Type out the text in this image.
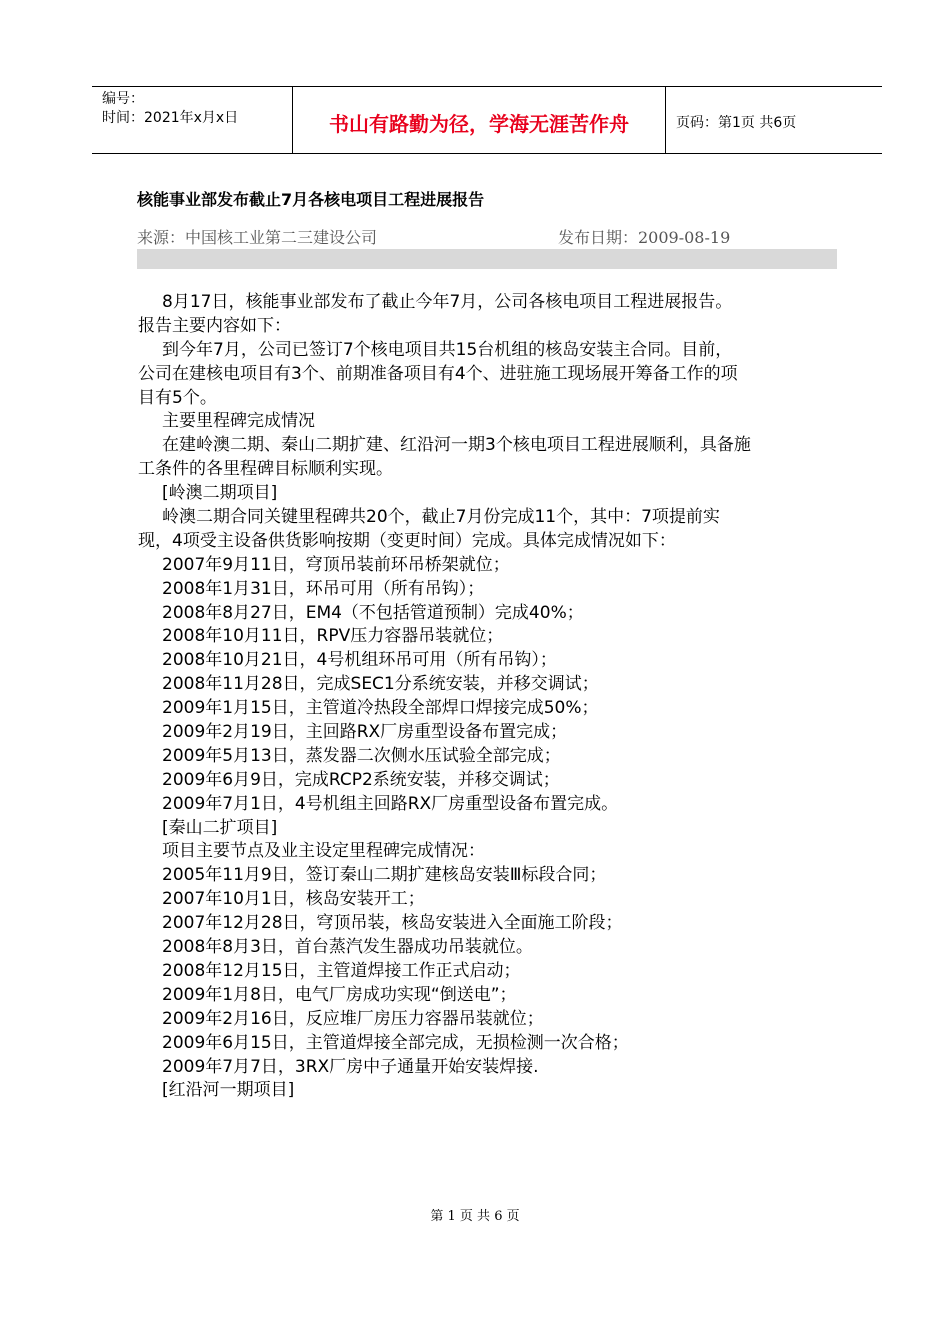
编号：
时间：2021年x月x日	书山有路勤为径，学海无涯苦作舟	页码：第1页 共6页
核能事业部发布截止7月各核电项目工程进展报告
来源：中国核工业第二三建设公司	发布日期：2009-08-19
8月17日，核能事业部发布了截止今年7月，公司各核电项目工程进展报告。
报告主要内容如下：
到今年7月，公司已签订7个核电项目共15台机组的核岛安装主合同。目前，
公司在建核电项目有3个、前期准备项目有4个、进驻施工现场展开筹备工作的项
目有5个。
主要里程碑完成情况
在建岭澳二期、秦山二期扩建、红沿河一期3个核电项目工程进展顺利，具备施
工条件的各里程碑目标顺利实现。
[岭澳二期项目]
岭澳二期合同关键里程碑共20个，截止7月份完成11个，其中：7项提前实
现，4项受主设备供货影响按期（变更时间）完成。具体完成情况如下：
2007年9月11日，穹顶吊装前环吊桥架就位；
2008年1月31日，环吊可用（所有吊钩）；
2008年8月27日，EM4（不包括管道预制）完成40%；
2008年10月11日，RPV压力容器吊装就位；
2008年10月21日，4号机组环吊可用（所有吊钩）；
2008年11月28日，完成SEC1分系统安装，并移交调试；
2009年1月15日，主管道冷热段全部焊口焊接完成50%；
2009年2月19日，主回路RX厂房重型设备布置完成；
2009年5月13日，蒸发器二次侧水压试验全部完成；
2009年6月9日，完成RCP2系统安装，并移交调试；
2009年7月1日，4号机组主回路RX厂房重型设备布置完成。
[秦山二扩项目]
项目主要节点及业主设定里程碑完成情况：
2005年11月9日，签订秦山二期扩建核岛安装Ⅲ标段合同；
2007年10月1日，核岛安装开工；
2007年12月28日，穹顶吊装，核岛安装进入全面施工阶段；
2008年8月3日，首台蒸汽发生器成功吊装就位。
2008年12月15日，主管道焊接工作正式启动；
2009年1月8日，电气厂房成功实现“倒送电”；
2009年2月16日，反应堆厂房压力容器吊装就位；
2009年6月15日，主管道焊接全部完成，无损检测一次合格；
2009年7月7日，3RX厂房中子通量开始安装焊接.
[红沿河一期项目]
第 1 页 共 6 页
